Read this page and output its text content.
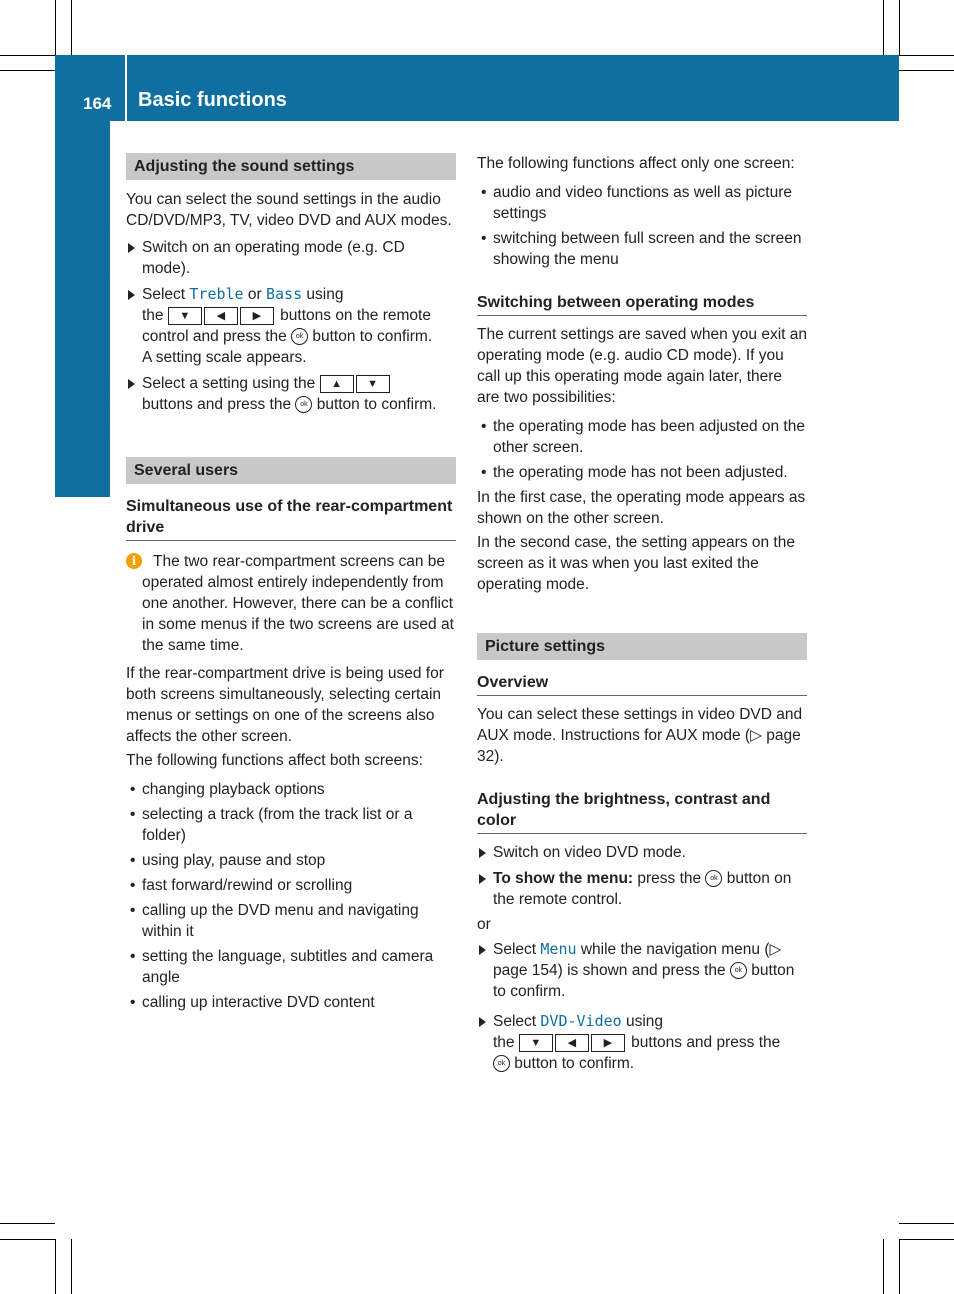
164 Basic functions
Rear Seat Entertainment
Adjusting the sound settings

You can select the sound settings in the audio CD/DVD/MP3, TV, video DVD and AUX modes.

Switch on an operating mode (e.g. CD mode).
Select Treble or Bass using
the ▼ ◀	▶ buttons on the remote control and press the ok button to confirm.
A setting scale appears.
Select a setting using the ▲ ▼
buttons and press the ok button to confirm.
Several users
Simultaneous use of the rear-compartment drive
i	The two rear-compartment screens can be operated almost entirely independently from one another. However, there can be a conflict in some menus if the two screens are used at the same time.

If the rear-compartment drive is being used for both screens simultaneously, selecting certain menus or settings on one of the screens also affects the other screen.

The following functions affect both screens:

• changing playback options
• selecting a track (from the track list or a folder)
• using play, pause and stop
• fast forward/rewind or scrolling
• calling up the DVD menu and navigating within it
• setting the language, subtitles and camera angle
• calling up interactive DVD content

The following functions affect only one screen:

• audio and video functions as well as picture settings
• switching between full screen and the screen showing the menu
Switching between operating modes

The current settings are saved when you exit an operating mode (e.g. audio CD mode). If you call up this operating mode again later, there are two possibilities:

• the operating mode has been adjusted on the other screen.
• the operating mode has not been adjusted.

In the first case, the operating mode appears as shown on the other screen.

In the second case, the setting appears on the screen as it was when you last exited the operating mode.

Picture settings
Overview

You can select these settings in video DVD and AUX mode. Instructions for AUX mode (▷ page 32).

Adjusting the brightness, contrast and color
Switch on video DVD mode.
To show the menu: press the ok button on the remote control.

or

Select Menu while the navigation menu (▷ page 154) is shown and press the ok button to confirm.
Select DVD-Video using
the ▼ ◀	▶ buttons and press the
ok button to confirm.
